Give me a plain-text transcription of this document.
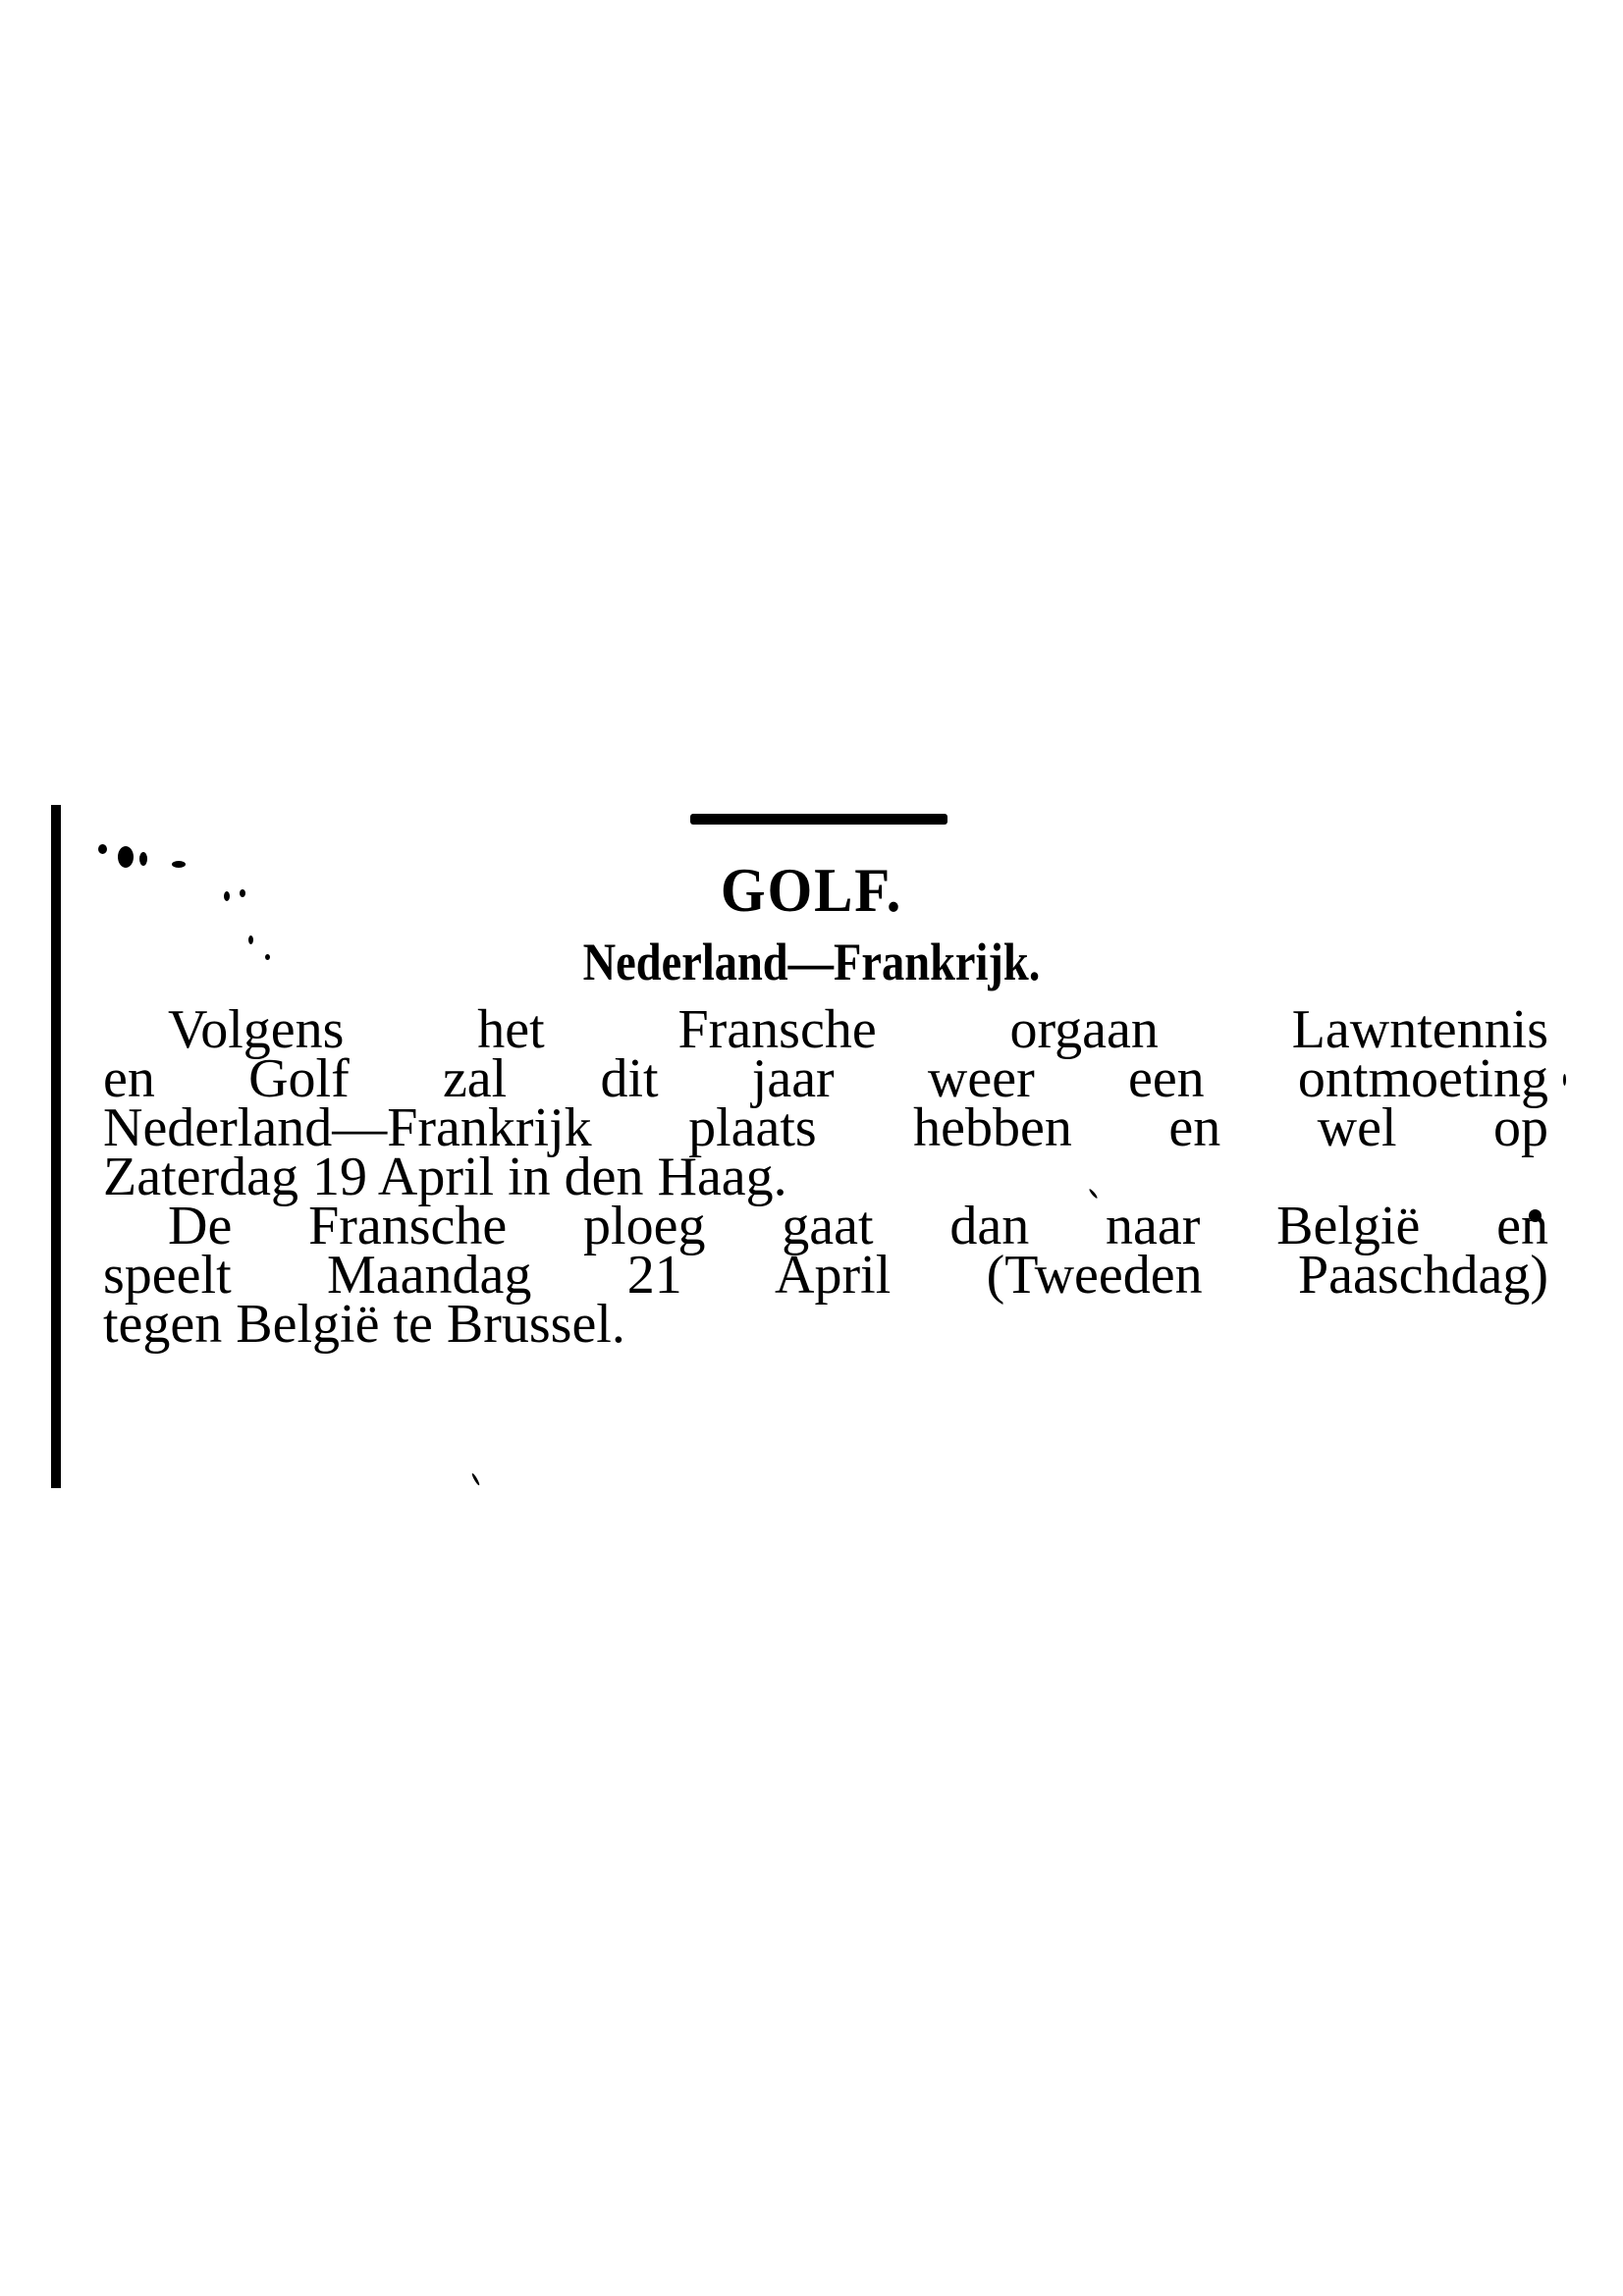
GOLF.
Nederland—Frankrijk.
Volgens het Fransche orgaan Lawntennis
en Golf zal dit jaar weer een ontmoeting
Nederland—Frankrijk plaats hebben en wel op
Zaterdag 19 April in den Haag.
De Fransche ploeg gaat dan naar België en
speelt Maandag 21 April (Tweeden Paaschdag)
tegen België te Brussel.
